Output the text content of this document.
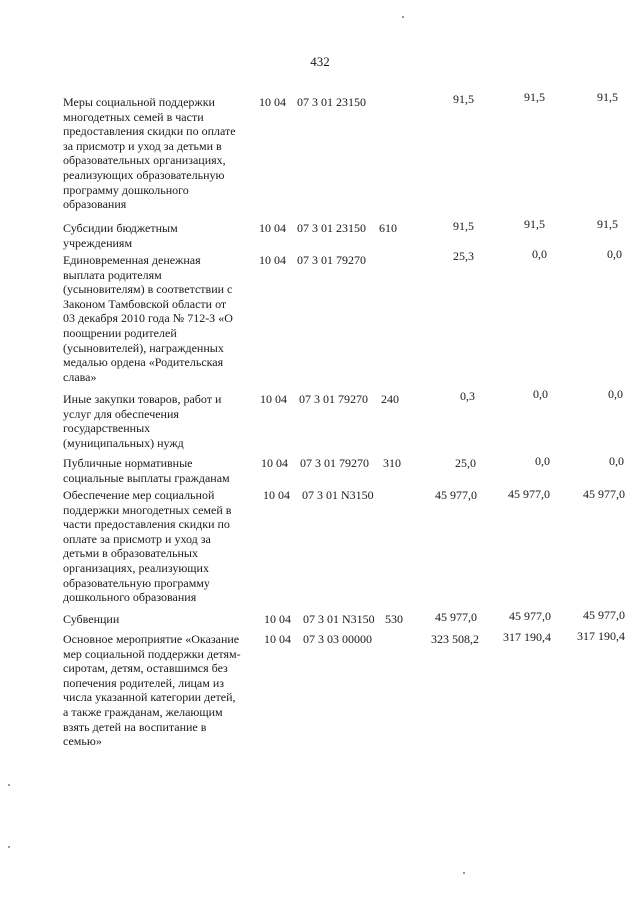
432
Меры социальной поддержки
многодетных семей в части
предоставления скидки по оплате
за присмотр и уход за детьми в
образовательных организациях,
реализующих образовательную
программу дошкольного
образования
10 04 07 3 01 23150	91,5	91,5	91,5
Субсидии бюджетным
учреждениям
10 04 07 3 01 23150 610	91,5	91,5	91,5
Единовременная денежная
выплата родителям
(усыновителям) в соответствии с
Законом Тамбовской области от
03 декабря 2010 года № 712-З «О
поощрении родителей
(усыновителей), награжденных
медалью ордена «Родительская
слава»
10 04 07 3 01 79270	25,3	0,0	0,0
Иные закупки товаров, работ и
услуг для обеспечения
государственных
(муниципальных) нужд
10 04 07 3 01 79270 240	0,3	0,0	0,0
Публичные нормативные
социальные выплаты гражданам
10 04 07 3 01 79270 310	25,0	0,0	0,0
Обеспечение мер социальной
поддержки многодетных семей в
части предоставления скидки по
оплате за присмотр и уход за
детьми в образовательных
организациях, реализующих
образовательную программу
дошкольного образования
10 04 07 3 01 N3150	45 977,0	45 977,0	45 977,0
Субвенции	10 04 07 3 01 N3150 530	45 977,0	45 977,0	45 977,0
Основное мероприятие «Оказание
мер социальной поддержки детям-
сиротам, детям, оставшимся без
попечения родителей, лицам из
числа указанной категории детей,
а также гражданам, желающим
взять детей на воспитание в
семью»
10 04 07 3 03 00000	323 508,2	317 190,4	317 190,4
